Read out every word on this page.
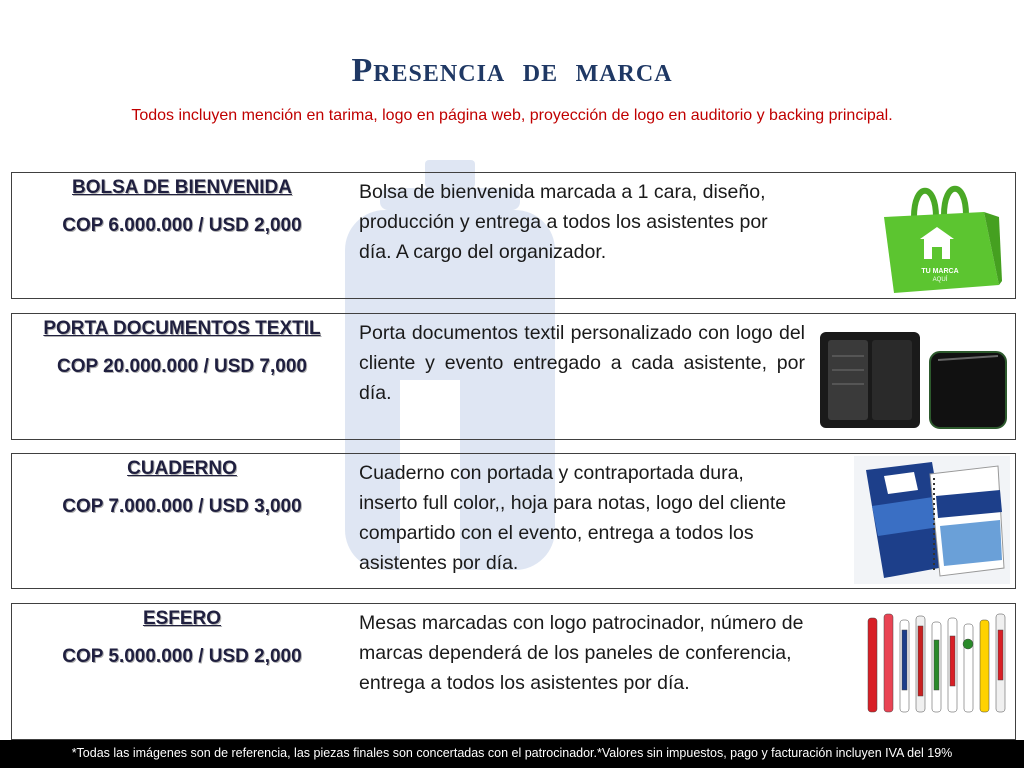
Presencia de marca
Todos incluyen mención en tarima, logo en página web, proyección de logo en auditorio y backing principal.
BOLSA DE BIENVENIDA
COP 6.000.000 / USD 2,000
Bolsa de bienvenida marcada a 1 cara, diseño, producción y entrega a todos los asistentes por día. A cargo del organizador.
TU MARCA
AQUÍ
PORTA DOCUMENTOS TEXTIL
COP 20.000.000 / USD 7,000
Porta documentos textil personalizado con logo del cliente y evento entregado a cada asistente, por día.
CUADERNO
COP 7.000.000 / USD 3,000
Cuaderno con portada y contraportada dura, inserto full color,, hoja para notas, logo del cliente compartido con el evento, entrega a todos los asistentes por día.
ESFERO
COP 5.000.000 / USD 2,000
Mesas marcadas con logo patrocinador, número de marcas dependerá de los paneles de conferencia, entrega a todos los asistentes por día.
*Todas las imágenes son de referencia, las piezas finales son concertadas con el patrocinador.*Valores sin impuestos, pago y facturación incluyen IVA del 19%
